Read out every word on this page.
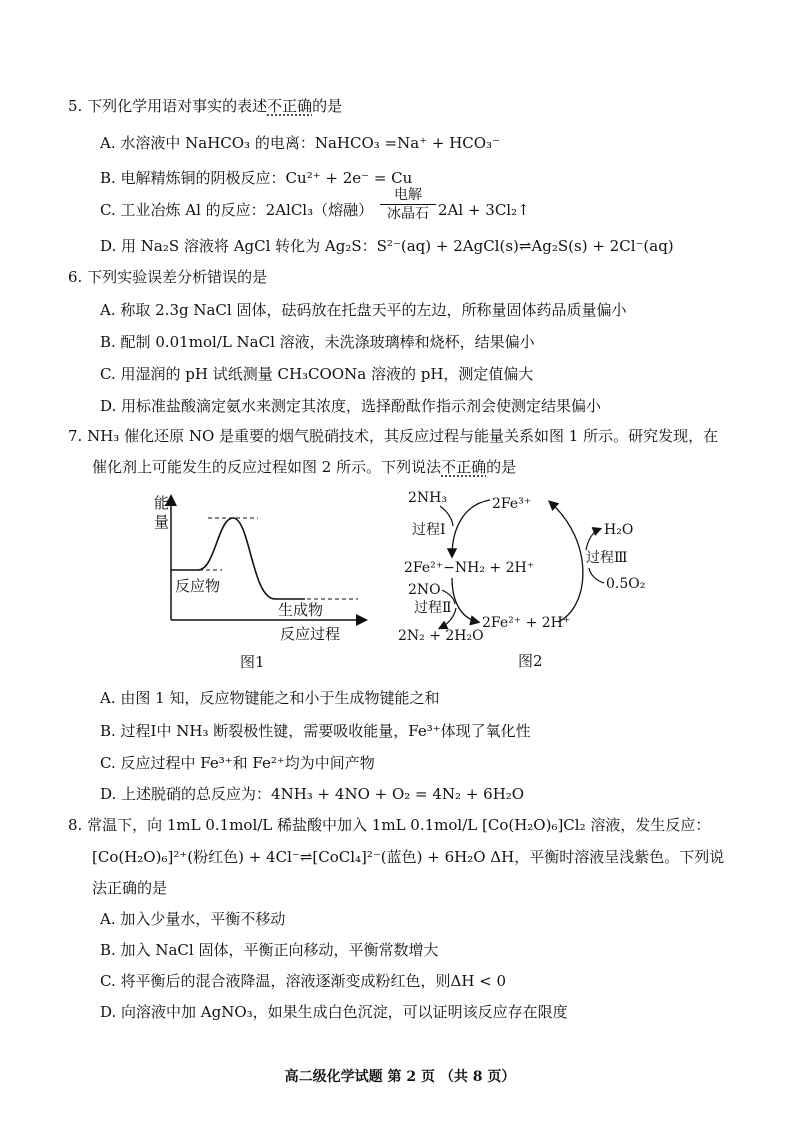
5. 下列化学用语对事实的表述不正确的是
A. 水溶液中 NaHCO₃ 的电离：NaHCO₃ =Na⁺ + HCO₃⁻
B. 电解精炼铜的阴极反应：Cu²⁺ + 2e⁻ = Cu
C. 工业冶炼 Al 的反应：2AlCl₃（熔融）
电解
冰晶石 2Al + 3Cl₂↑
D. 用 Na₂S 溶液将 AgCl 转化为 Ag₂S：S²⁻(aq) + 2AgCl(s)⇌Ag₂S(s) + 2Cl⁻(aq)
6. 下列实验误差分析错误的是
A. 称取 2.3g NaCl 固体，砝码放在托盘天平的左边，所称量固体药品质量偏小
B. 配制 0.01mol/L NaCl 溶液，未洗涤玻璃棒和烧杯，结果偏小
C. 用湿润的 pH 试纸测量 CH₃COONa 溶液的 pH，测定值偏大
D. 用标准盐酸滴定氨水来测定其浓度，选择酚酞作指示剂会使测定结果偏小
7. NH₃ 催化还原 NO 是重要的烟气脱硝技术，其反应过程与能量关系如图 1 所示。研究发现，在
催化剂上可能发生的反应过程如图 2 所示。下列说法不正确的是
能
量
反应物
生成物
反应过程
图1
2NH₃	2Fe³⁺
过程Ⅰ	H₂O
过程Ⅲ
2Fe²⁺−NH₂ + 2H⁺
0.5O₂
2NO
过程Ⅱ
2Fe²⁺ + 2H⁺
2N₂ + 2H₂O
图2
A. 由图 1 知，反应物键能之和小于生成物键能之和
B. 过程Ⅰ中 NH₃ 断裂极性键，需要吸收能量，Fe³⁺体现了氧化性
C. 反应过程中 Fe³⁺和 Fe²⁺均为中间产物
D. 上述脱硝的总反应为：4NH₃ + 4NO + O₂ = 4N₂ + 6H₂O
8. 常温下，向 1mL 0.1mol/L 稀盐酸中加入 1mL 0.1mol/L [Co(H₂O)₆]Cl₂ 溶液，发生反应：
[Co(H₂O)₆]²⁺(粉红色) + 4Cl⁻⇌[CoCl₄]²⁻(蓝色) + 6H₂O ΔH，平衡时溶液呈浅紫色。下列说
法正确的是
A. 加入少量水，平衡不移动
B. 加入 NaCl 固体，平衡正向移动，平衡常数增大
C. 将平衡后的混合液降温，溶液逐渐变成粉红色，则ΔH < 0
D. 向溶液中加 AgNO₃，如果生成白色沉淀，可以证明该反应存在限度
高二级化学试题 第 2 页 （共 8 页）
